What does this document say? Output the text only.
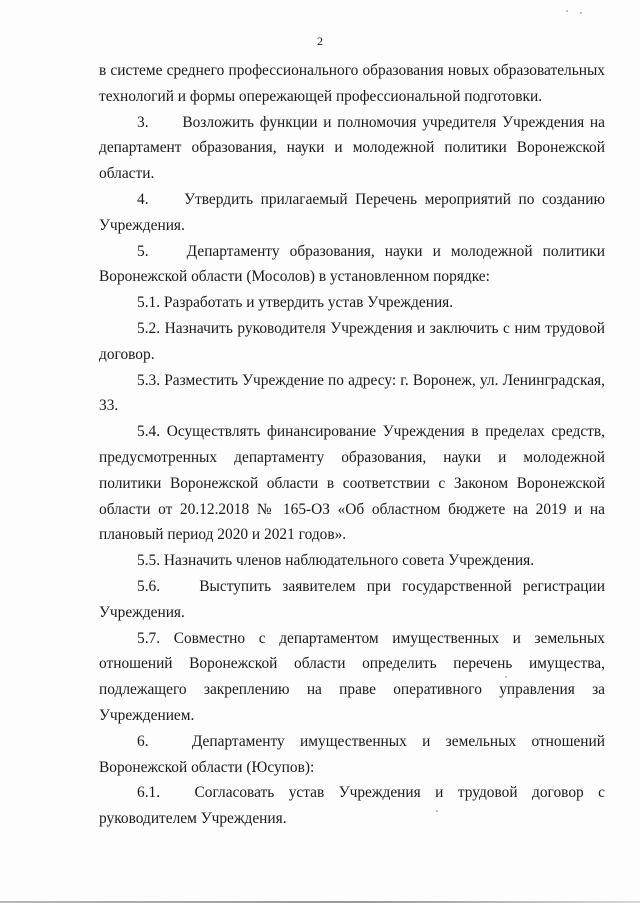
2

в системе среднего профессионального образования новых образовательных технологий и формы опережающей профессиональной подготовки.

3. Возложить функции и полномочия учредителя Учреждения на департамент образования, науки и молодежной политики Воронежской области.

4. Утвердить прилагаемый Перечень мероприятий по созданию Учреждения.

5. Департаменту образования, науки и молодежной политики Воронежской области (Мосолов) в установленном порядке:

5.1. Разработать и утвердить устав Учреждения.

5.2. Назначить руководителя Учреждения и заключить с ним трудовой договор.

5.3. Разместить Учреждение по адресу: г. Воронеж, ул. Ленинградская, 33.

5.4. Осуществлять финансирование Учреждения в пределах средств, предусмотренных департаменту образования, науки и молодежной политики Воронежской области в соответствии с Законом Воронежской области от 20.12.2018 № 165-ОЗ «Об областном бюджете на 2019 и на плановый период 2020 и 2021 годов».

5.5. Назначить членов наблюдательного совета Учреждения.

5.6.	Выступить заявителем при государственной регистрации Учреждения.

5.7. Совместно с департаментом имущественных и земельных отношений Воронежской области определить перечень имущества, подлежащего закреплению на праве оперативного управления за Учреждением.

6.	Департаменту имущественных и земельных отношений Воронежской области (Юсупов):

6.1. Согласовать устав Учреждения и трудовой договор с руководителем Учреждения.
